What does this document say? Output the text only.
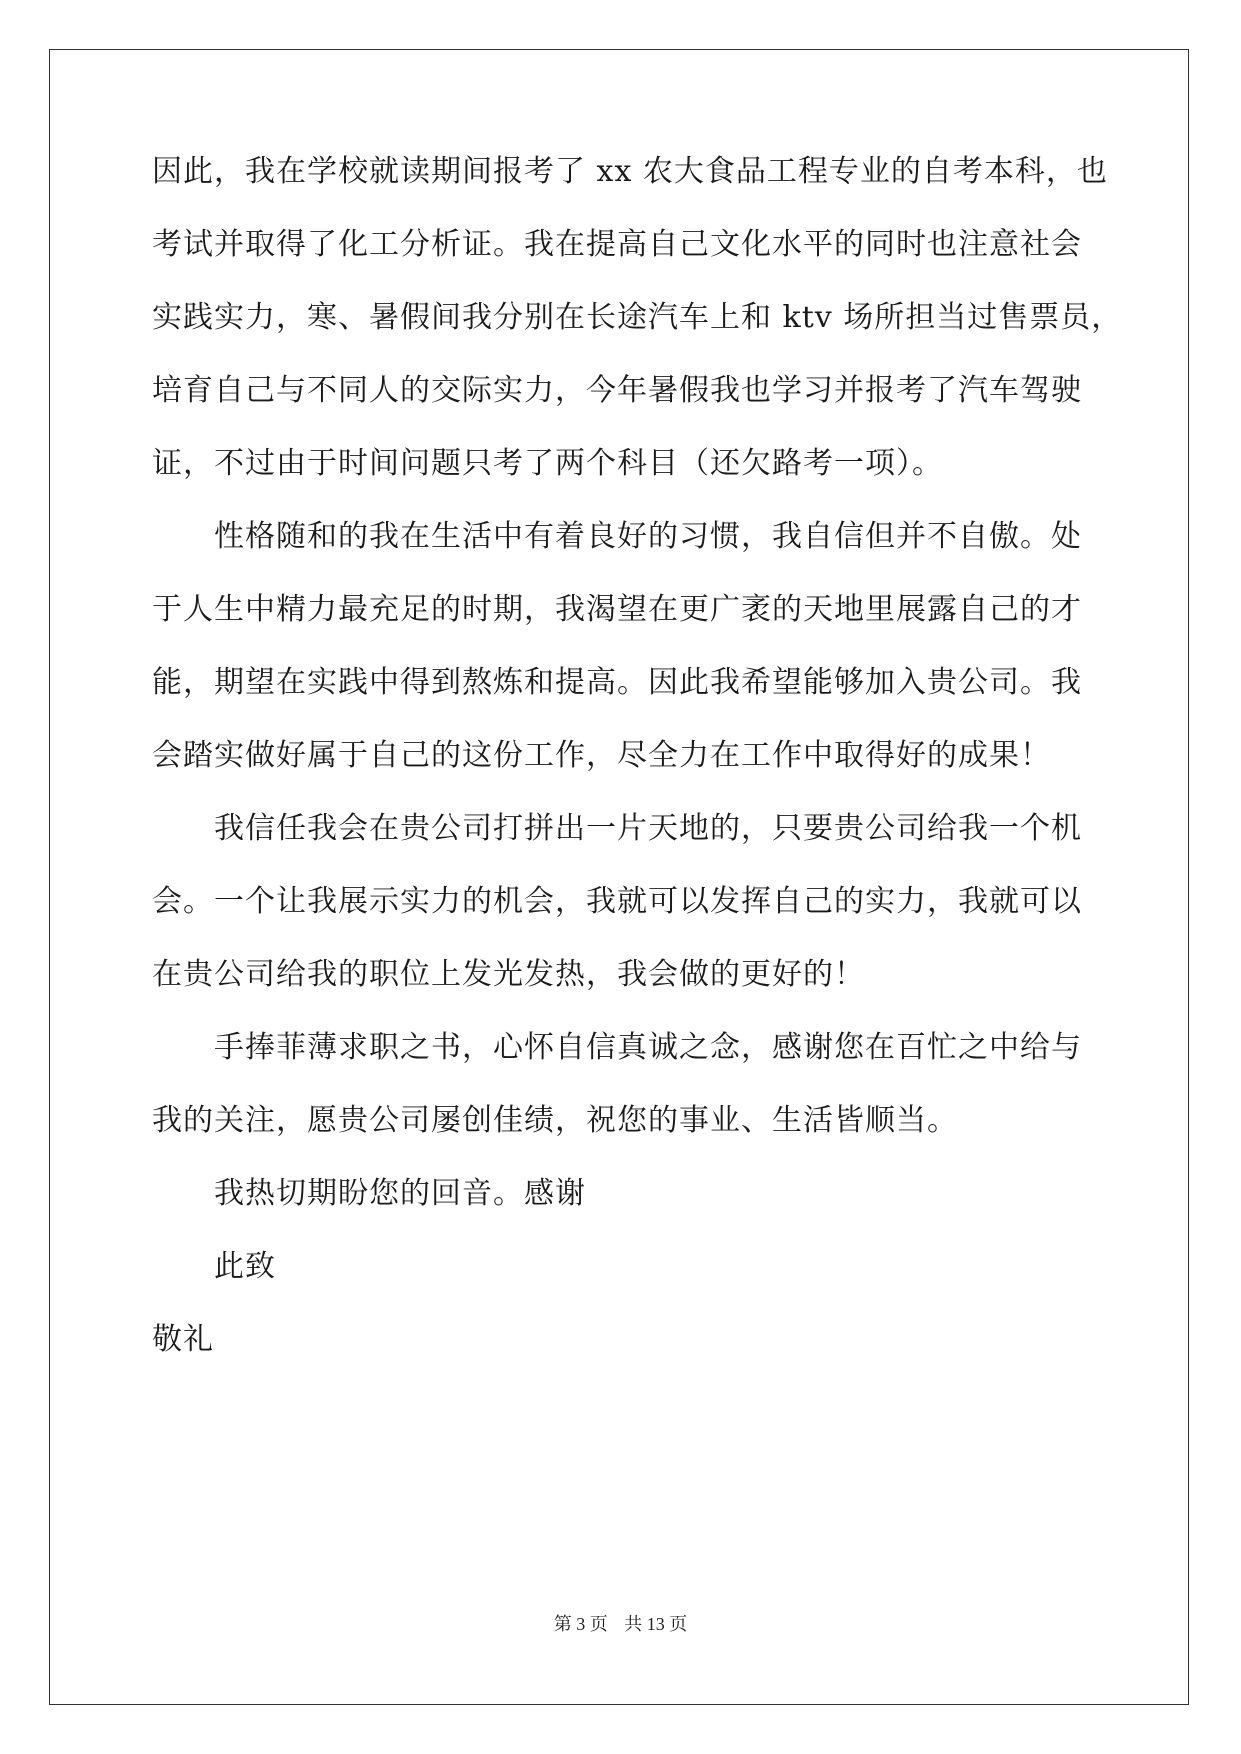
因此，我在学校就读期间报考了 xx 农大食品工程专业的自考本科，也
考试并取得了化工分析证。我在提高自己文化水平的同时也注意社会
实践实力，寒、暑假间我分别在长途汽车上和 ktv 场所担当过售票员，
培育自己与不同人的交际实力，今年暑假我也学习并报考了汽车驾驶
证，不过由于时间问题只考了两个科目（还欠路考一项）。
性格随和的我在生活中有着良好的习惯，我自信但并不自傲。处
于人生中精力最充足的时期，我渴望在更广袤的天地里展露自己的才
能，期望在实践中得到熬炼和提高。因此我希望能够加入贵公司。我
会踏实做好属于自己的这份工作，尽全力在工作中取得好的成果！
我信任我会在贵公司打拼出一片天地的，只要贵公司给我一个机
会。一个让我展示实力的机会，我就可以发挥自己的实力，我就可以
在贵公司给我的职位上发光发热，我会做的更好的！
手捧菲薄求职之书，心怀自信真诚之念，感谢您在百忙之中给与
我的关注，愿贵公司屡创佳绩，祝您的事业、生活皆顺当。
我热切期盼您的回音。感谢
此致
敬礼
第 3 页 共 13 页
